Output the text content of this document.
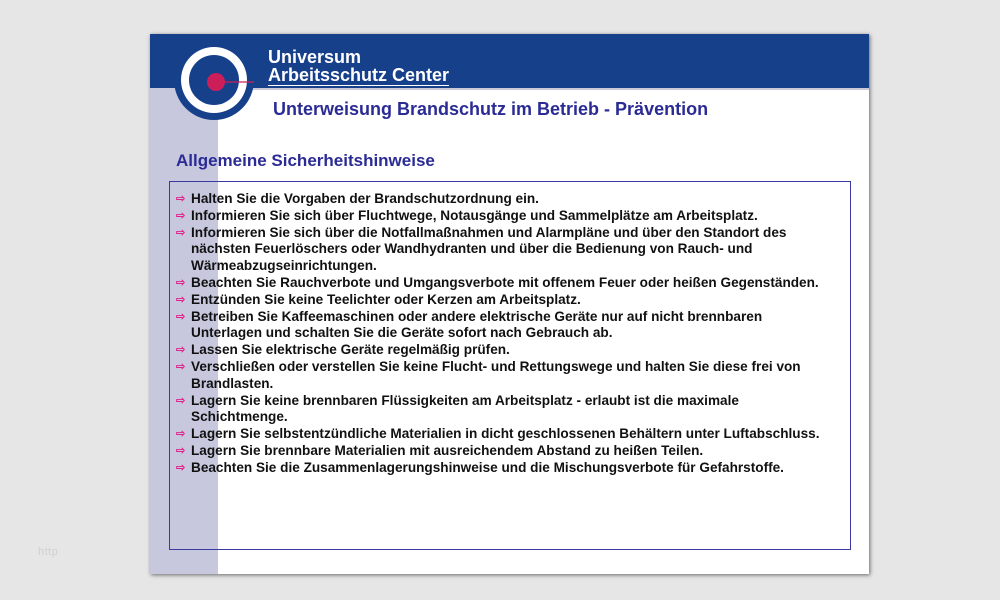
http
Universum
Arbeitsschutz Center
Unterweisung Brandschutz im Betrieb - Prävention
Allgemeine Sicherheitshinweise
⇨ Halten Sie die Vorgaben der Brandschutzordnung ein.
⇨ Informieren Sie sich über Fluchtwege, Notausgänge und Sammelplätze am Arbeitsplatz.
⇨ Informieren Sie sich über die Notfallmaßnahmen und Alarmpläne und über den Standort des nächsten Feuerlöschers oder Wandhydranten und über die Bedienung von Rauch- und Wärmeabzugseinrichtungen.
⇨ Beachten Sie Rauchverbote und Umgangsverbote mit offenem Feuer oder heißen Gegenständen.
⇨ Entzünden Sie keine Teelichter oder Kerzen am Arbeitsplatz.
⇨ Betreiben Sie Kaffeemaschinen oder andere elektrische Geräte nur auf nicht brennbaren Unterlagen und schalten Sie die Geräte sofort nach Gebrauch ab.
⇨ Lassen Sie elektrische Geräte regelmäßig prüfen.
⇨ Verschließen oder verstellen Sie keine Flucht- und Rettungswege und halten Sie diese frei von Brandlasten.
⇨ Lagern Sie keine brennbaren Flüssigkeiten am Arbeitsplatz - erlaubt ist die maximale Schichtmenge.
⇨ Lagern Sie selbstentzündliche Materialien in dicht geschlossenen Behältern unter Luftabschluss.
⇨ Lagern Sie brennbare Materialien mit ausreichendem Abstand zu heißen Teilen.
⇨ Beachten Sie die Zusammenlagerungshinweise und die Mischungsverbote für Gefahrstoffe.
